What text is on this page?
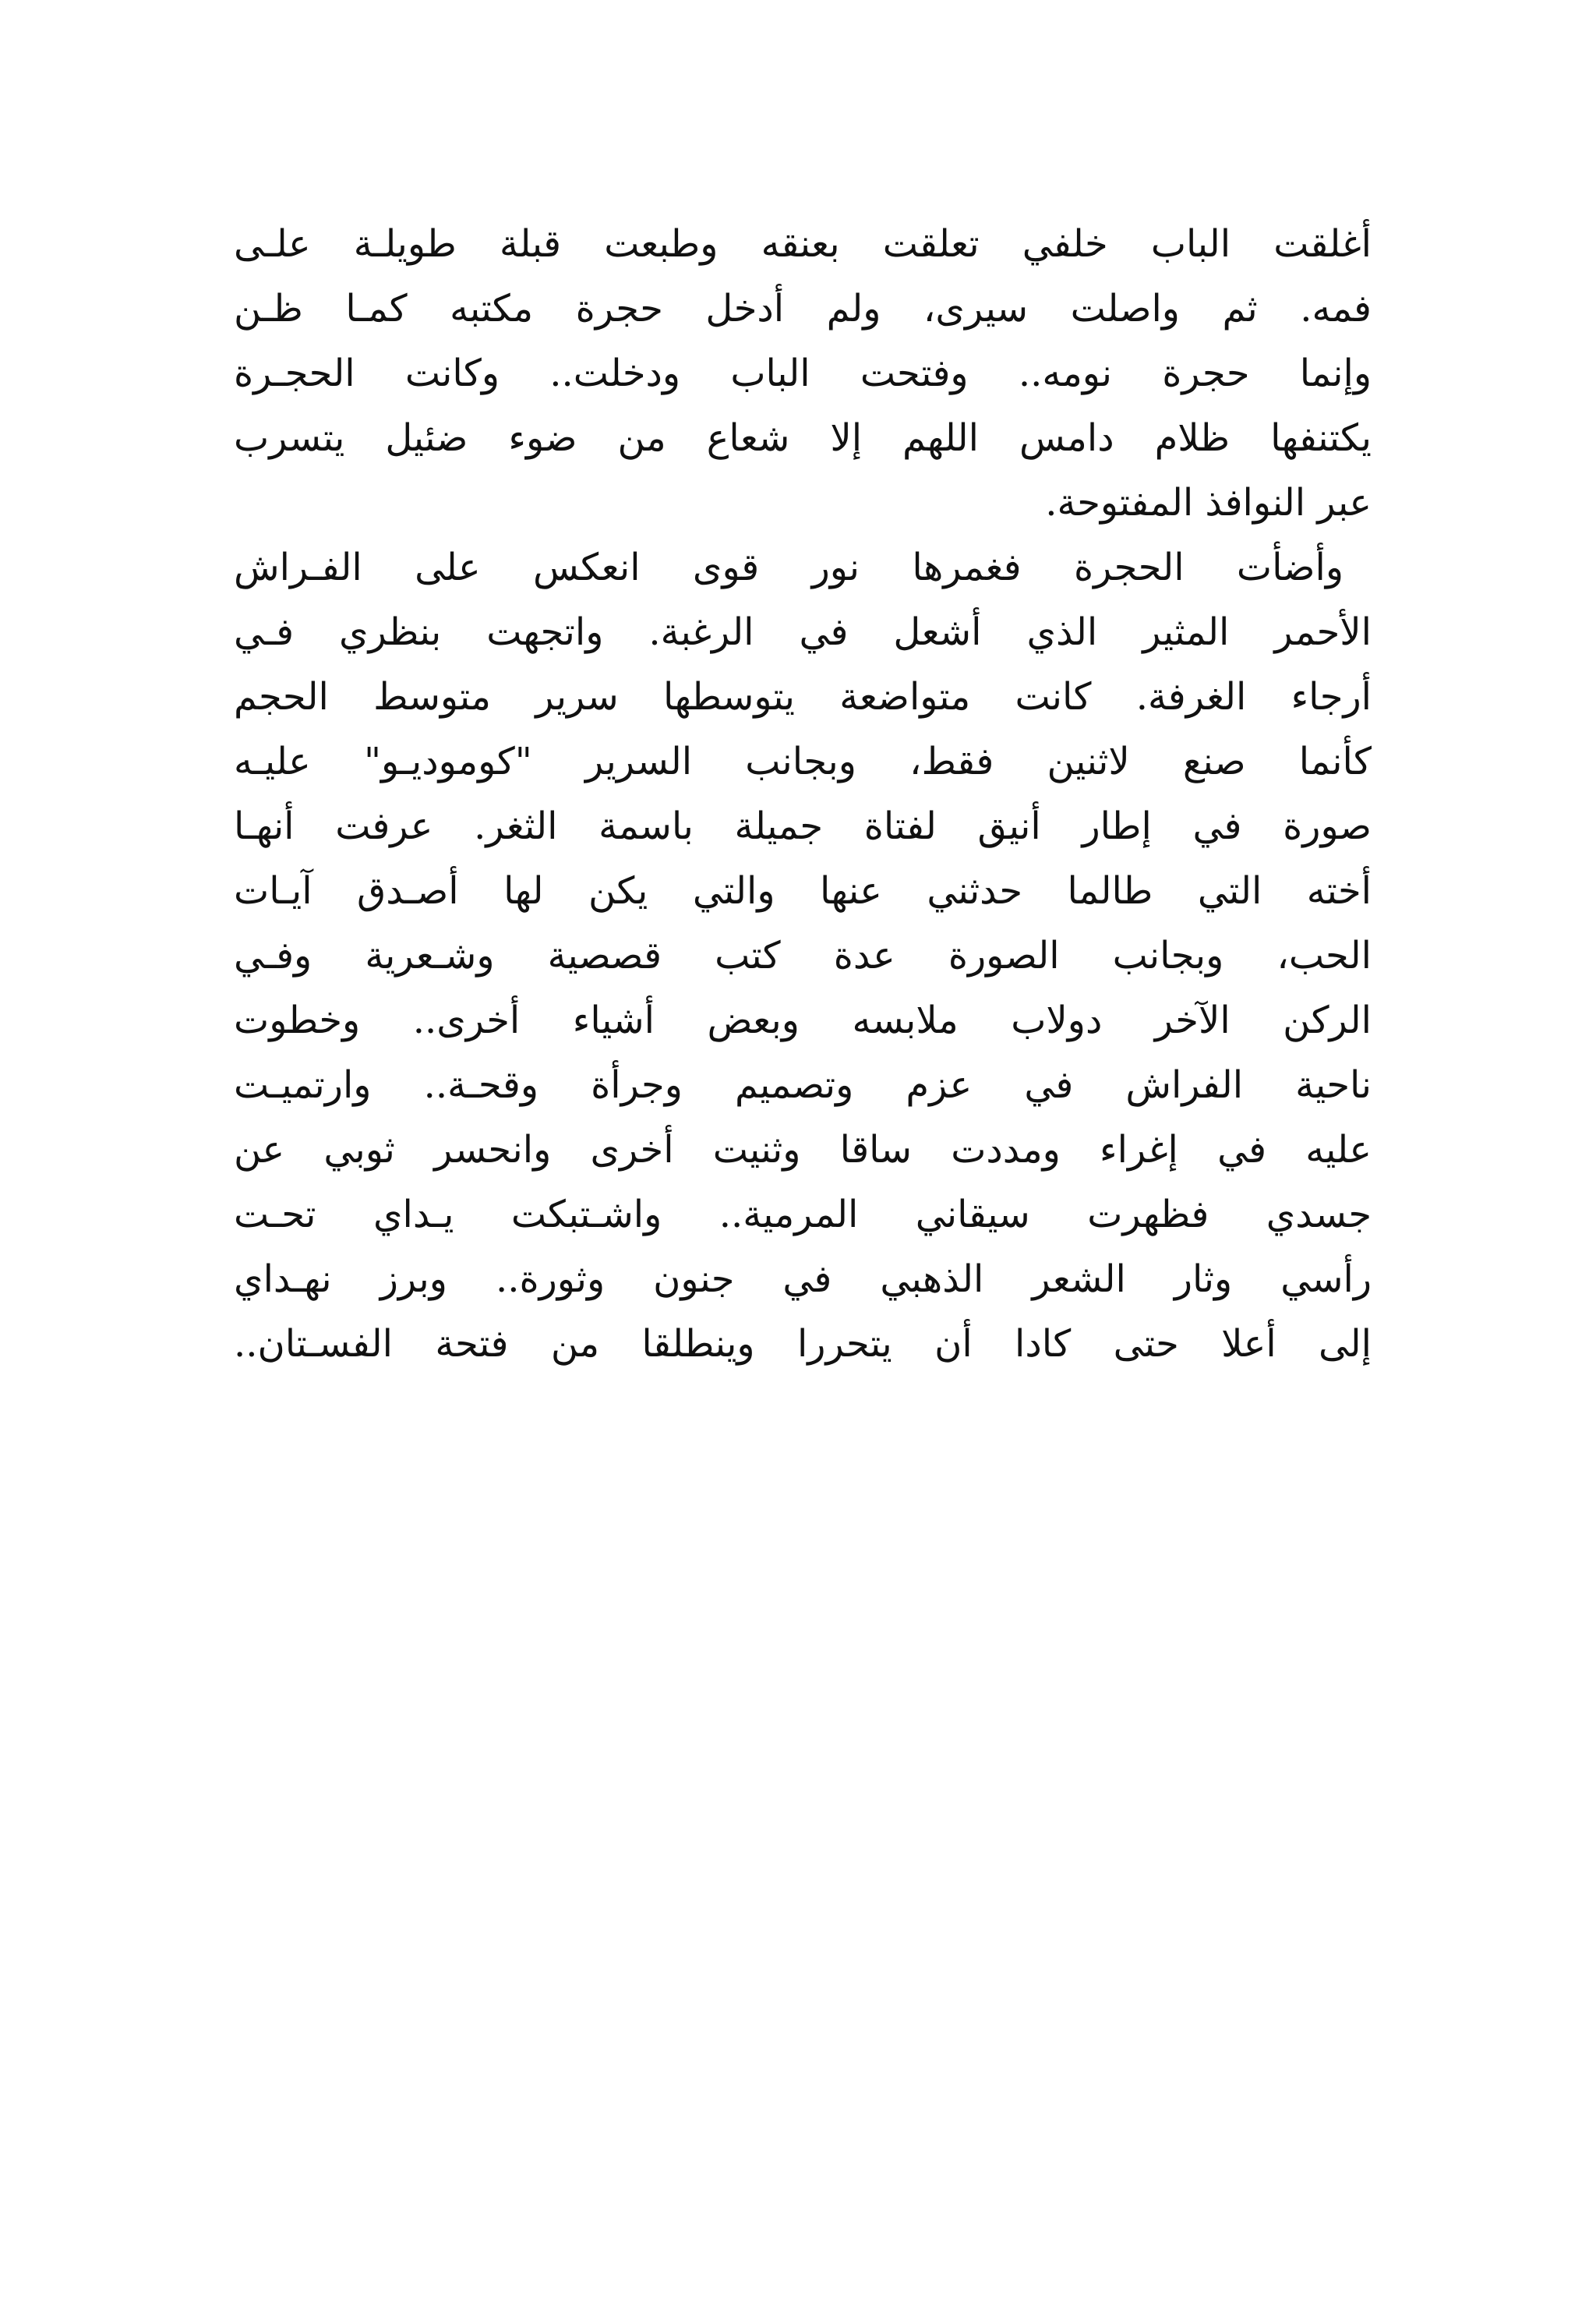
أغلقت الباب خلفي تعلقت بعنقه وطبعت قبلة طويلـة علـى
فمه. ثم واصلت سيرى، ولم أدخل حجرة مكتبه كمـا ظـن
وإنما حجرة نومه.. وفتحت الباب ودخلت.. وكانت الحجـرة
يكتنفها ظلام دامس اللهم إلا شعاع من ضوء ضئيل يتسرب
عبر النوافذ المفتوحة.
وأضأت الحجرة فغمرها نور قوى انعكس على الفـراش
الأحمر المثير الذي أشعل في الرغبة. واتجهت بنظري فـي
أرجاء الغرفة. كانت متواضعة يتوسطها سرير متوسط الحجم
كأنما صنع لاثنين فقط، وبجانب السرير "كوموديـو" عليـه
صورة في إطار أنيق لفتاة جميلة باسمة الثغر. عرفت أنهـا
أخته التي طالما حدثني عنها والتي يكن لها أصـدق آيـات
الحب، وبجانب الصورة عدة كتب قصصية وشـعرية وفـي
الركن الآخر دولاب ملابسه وبعض أشياء أخرى.. وخطوت
ناحية الفراش في عزم وتصميم وجرأة وقحـة.. وارتميـت
عليه في إغراء ومددت ساقا وثنيت أخرى وانحسر ثوبي عن
جسدي فظهرت سيقاني المرمية.. واشـتبكت يـداي تحـت
رأسي وثار الشعر الذهبي في جنون وثورة.. وبرز نهـداي
إلى أعلا حتى كادا أن يتحررا وينطلقا من فتحة الفسـتان..
